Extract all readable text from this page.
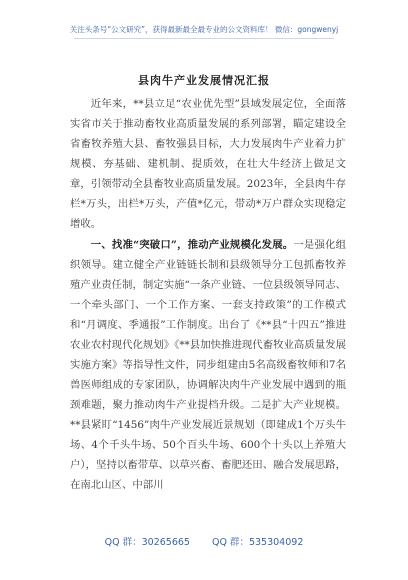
关注头条号“公文研究”，获得最新最全最专业的公文资料库！ 微信：gongwenyj
县肉牛产业发展情况汇报

近年来，**县立足“农业优先型”县域发展定位，全面落实省市关于推动畜牧业高质量发展的系列部署，瞄定建设全省畜牧养殖大县、畜牧强县目标，大力发展肉牛产业着力扩规模、夯基础、建机制、提质效，在壮大牛经济上做足文章，引领带动全县畜牧业高质量发展。2023年，全县肉牛存栏*万头，出栏*万头，产值*亿元，带动*万户群众实现稳定增收。

一、找准“突破口”，推动产业规模化发展。一是强化组织领导。建立健全产业链链长制和县级领导分工包抓畜牧养殖产业责任制，制定实施“一条产业链、一位县级领导同志、一个牵头部门、一个工作方案、一套支持政策”的工作模式和“月调度、季通报”工作制度。出台了《**县“十四五”推进农业农村现代化规划》《**县加快推进现代畜牧业高质量发展实施方案》等指导性文件，同步组建由5名高级畜牧师和7名兽医师组成的专家团队，协调解决肉牛产业发展中遇到的瓶颈难题，聚力推动肉牛产业提档升级。二是扩大产业规模。**县紧盯“1456”肉牛产业发展近景规划（即建成1个万头牛场、4个千头牛场、50个百头牛场、600个十头以上养殖大户），坚持以畜带草、以草兴畜、畜肥还田、融合发展思路，在南北山区、中部川

QQ 群：30265665 QQ 群：535304092
